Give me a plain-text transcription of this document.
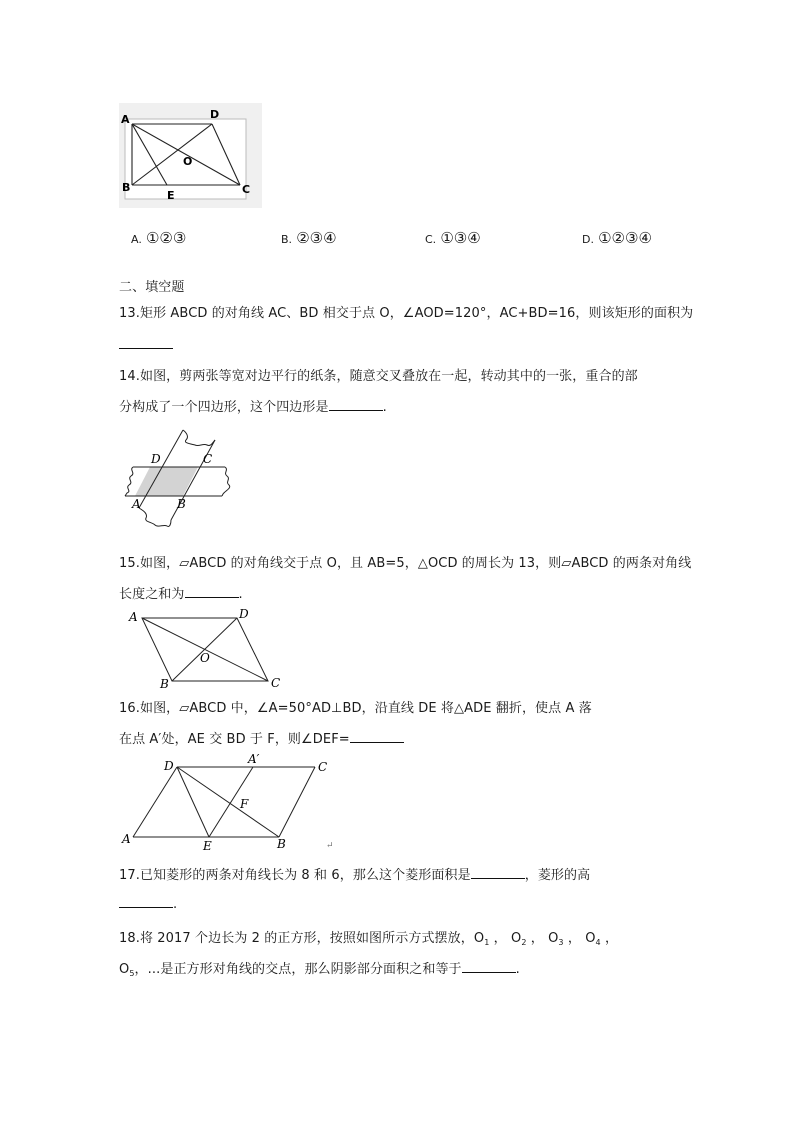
A	D
O
B
E	C
A. ①②③	B. ②③④	C. ①③④	D. ①②③④
二、填空题
13.矩形 ABCD 的对角线 AC、BD 相交于点 O，∠AOD=120°，AC+BD=16，则该矩形的面积为
14.如图，剪两张等宽对边平行的纸条，随意交叉叠放在一起，转动其中的一张，重合的部
分构成了一个四边形，这个四边形是	.
D	C
A	B
15.如图，▱ABCD 的对角线交于点 O，且 AB=5，△OCD 的周长为 13，则▱ABCD 的两条对角线
长度之和为	.
A	D
O
B	C
16.如图，▱ABCD 中，∠A=50°AD⊥BD，沿直线 DE 将△ADE 翻折，使点 A 落
在点 A′处，AE 交 BD 于 F，则∠DEF=
D	A′
C
F
A	E	B	↵
17.已知菱形的两条对角线长为 8 和 6，那么这个菱形面积是	，菱形的高
.
18.将 2017 个边长为 2 的正方形，按照如图所示方式摆放，$O_1$ ， $O_2$ ， $O_3$ ， $O_4$ ，
$O_5$，...是正方形对角线的交点，那么阴影部分面积之和等于	.
